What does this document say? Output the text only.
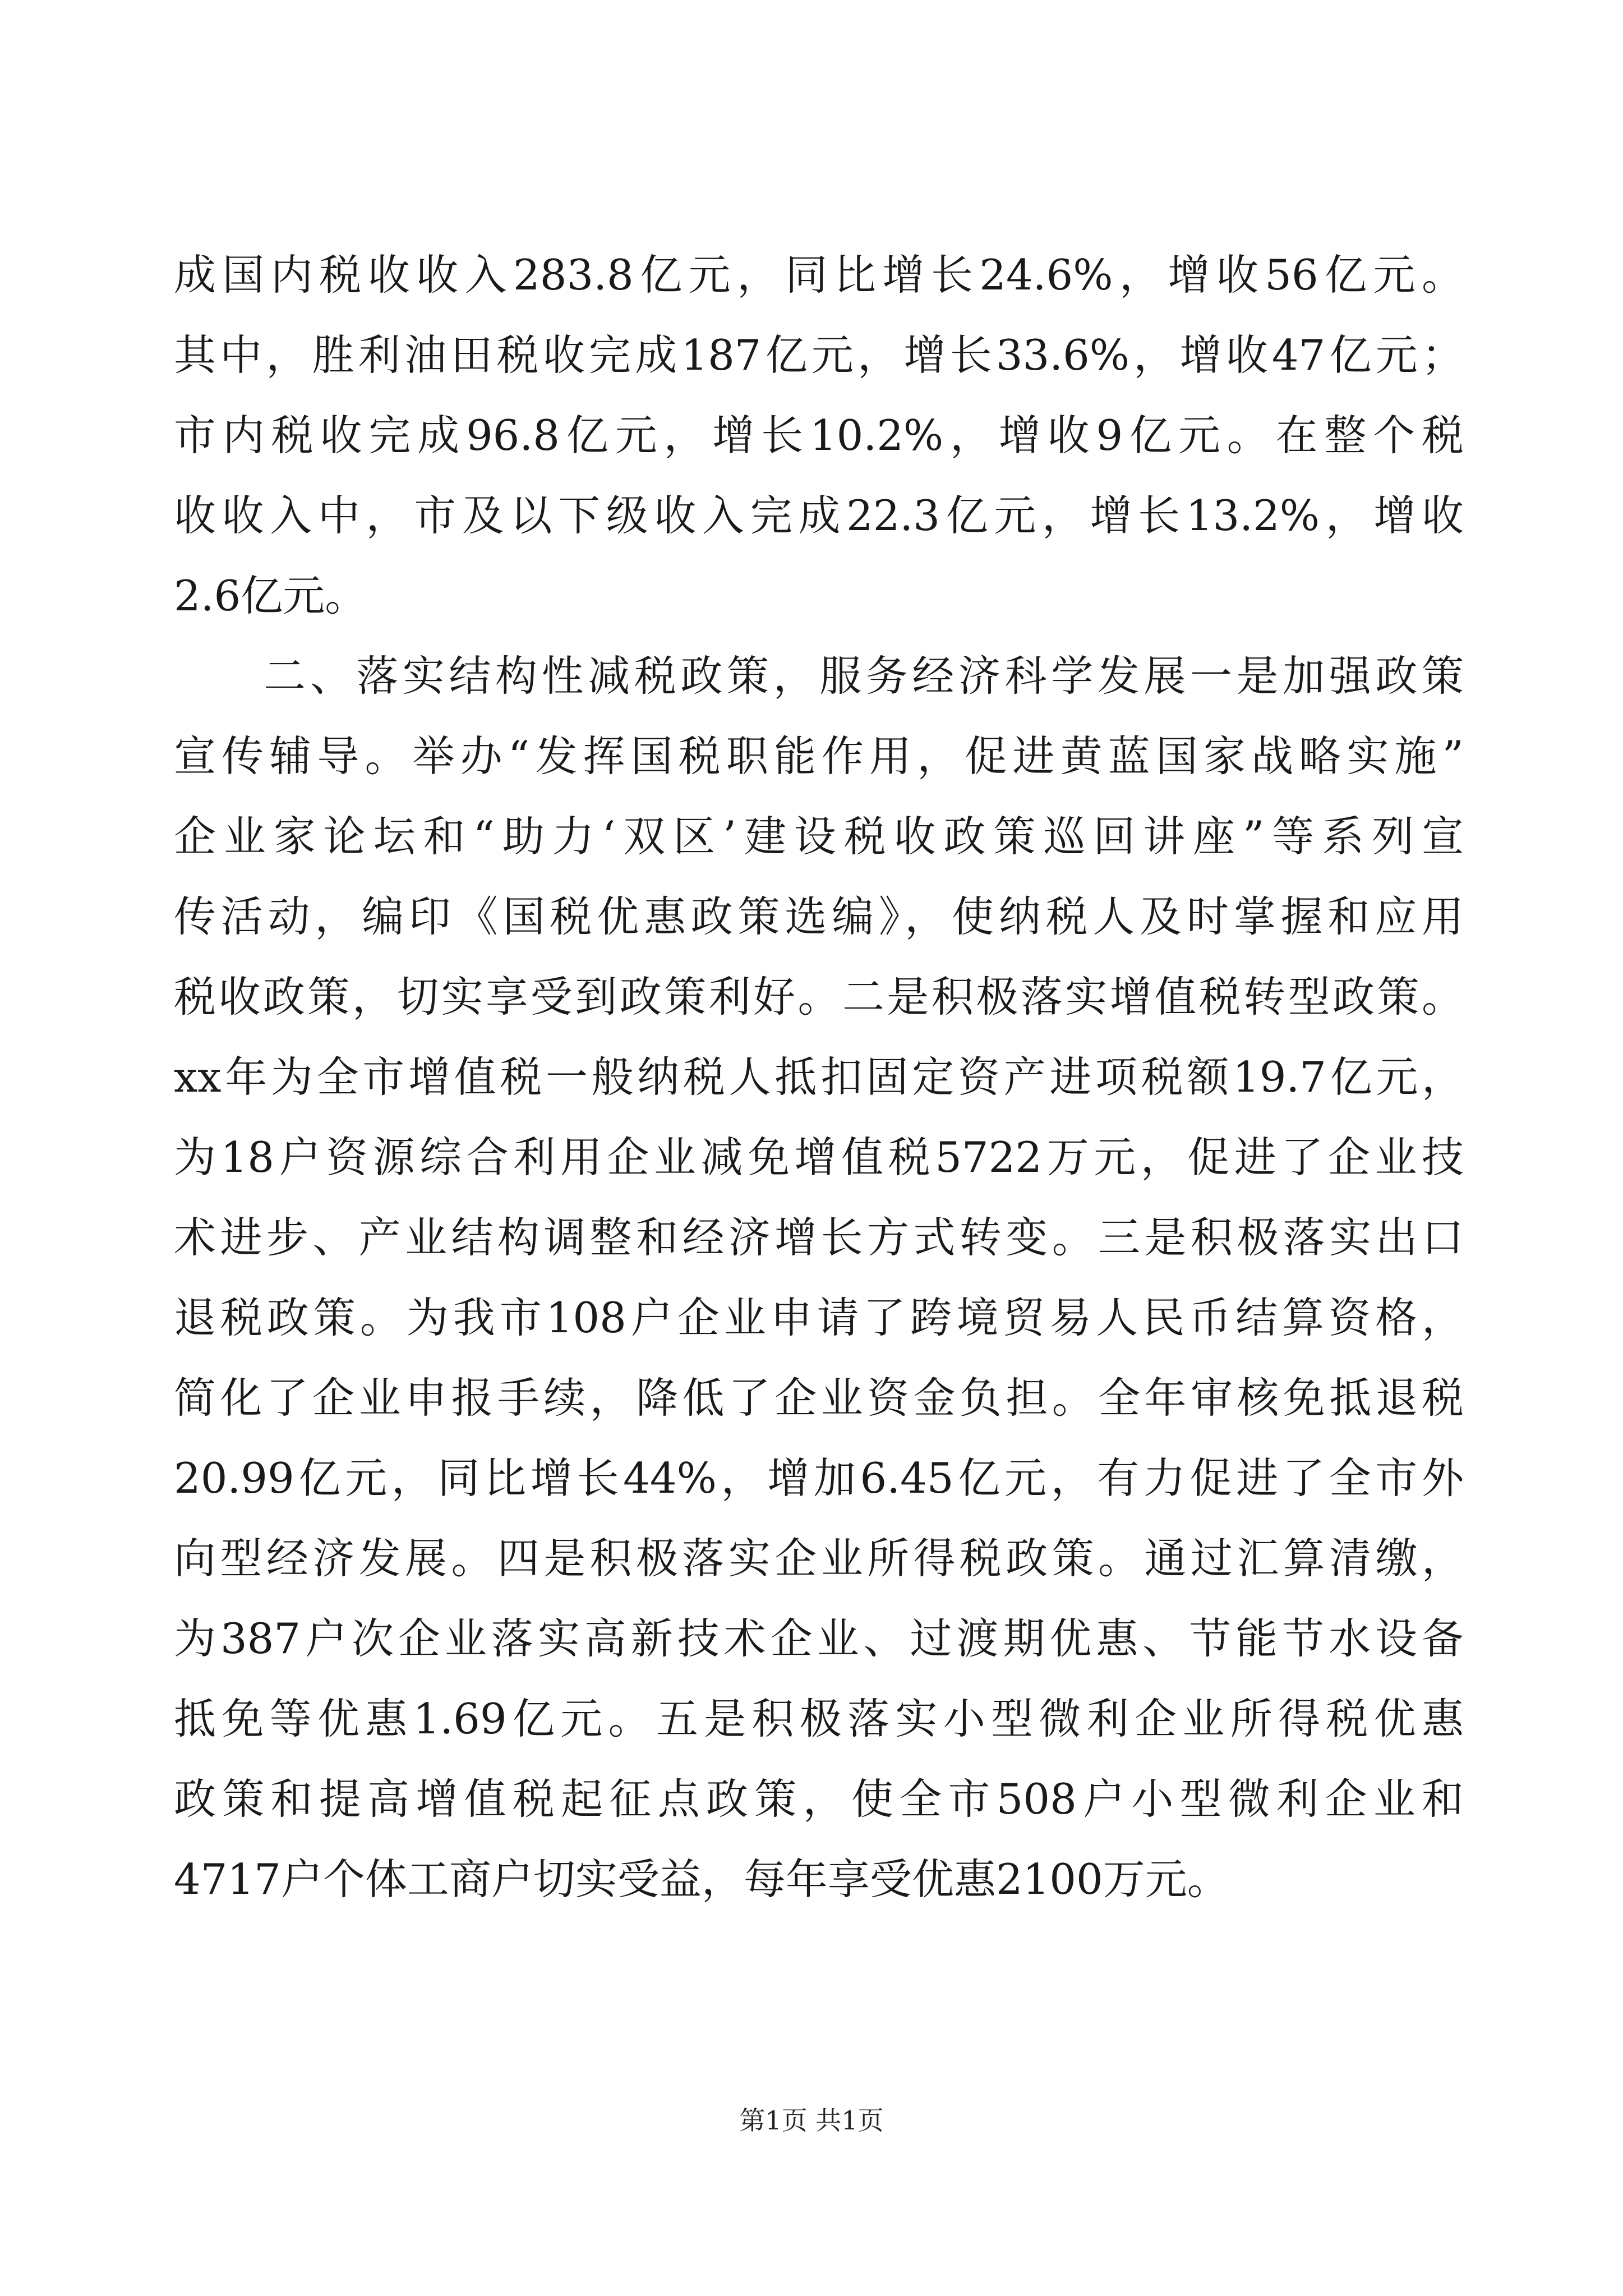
成国内税收收入283.8亿元，同比增长24.6%，增收56亿元。

其中，胜利油田税收完成187亿元，增长33.6%，增收47亿元；

市内税收完成96.8亿元，增长10.2%，增收9亿元。在整个税

收收入中，市及以下级收入完成22.3亿元，增长13.2%，增收

2.6亿元。

二、落实结构性减税政策，服务经济科学发展一是加强政策

宣传辅导。举办“发挥国税职能作用，促进黄蓝国家战略实施”

企业家论坛和“助力‘双区’建设税收政策巡回讲座”等系列宣

传活动，编印《国税优惠政策选编》，使纳税人及时掌握和应用

税收政策，切实享受到政策利好。二是积极落实增值税转型政策。

xx年为全市增值税一般纳税人抵扣固定资产进项税额19.7亿元，

为18户资源综合利用企业减免增值税5722万元，促进了企业技

术进步、产业结构调整和经济增长方式转变。三是积极落实出口

退税政策。为我市108户企业申请了跨境贸易人民币结算资格，

简化了企业申报手续，降低了企业资金负担。全年审核免抵退税

20.99亿元，同比增长44%，增加6.45亿元，有力促进了全市外

向型经济发展。四是积极落实企业所得税政策。通过汇算清缴，

为387户次企业落实高新技术企业、过渡期优惠、节能节水设备

抵免等优惠1.69亿元。五是积极落实小型微利企业所得税优惠

政策和提高增值税起征点政策，使全市508户小型微利企业和

4717户个体工商户切实受益，每年享受优惠2100万元。

第1页 共1页
